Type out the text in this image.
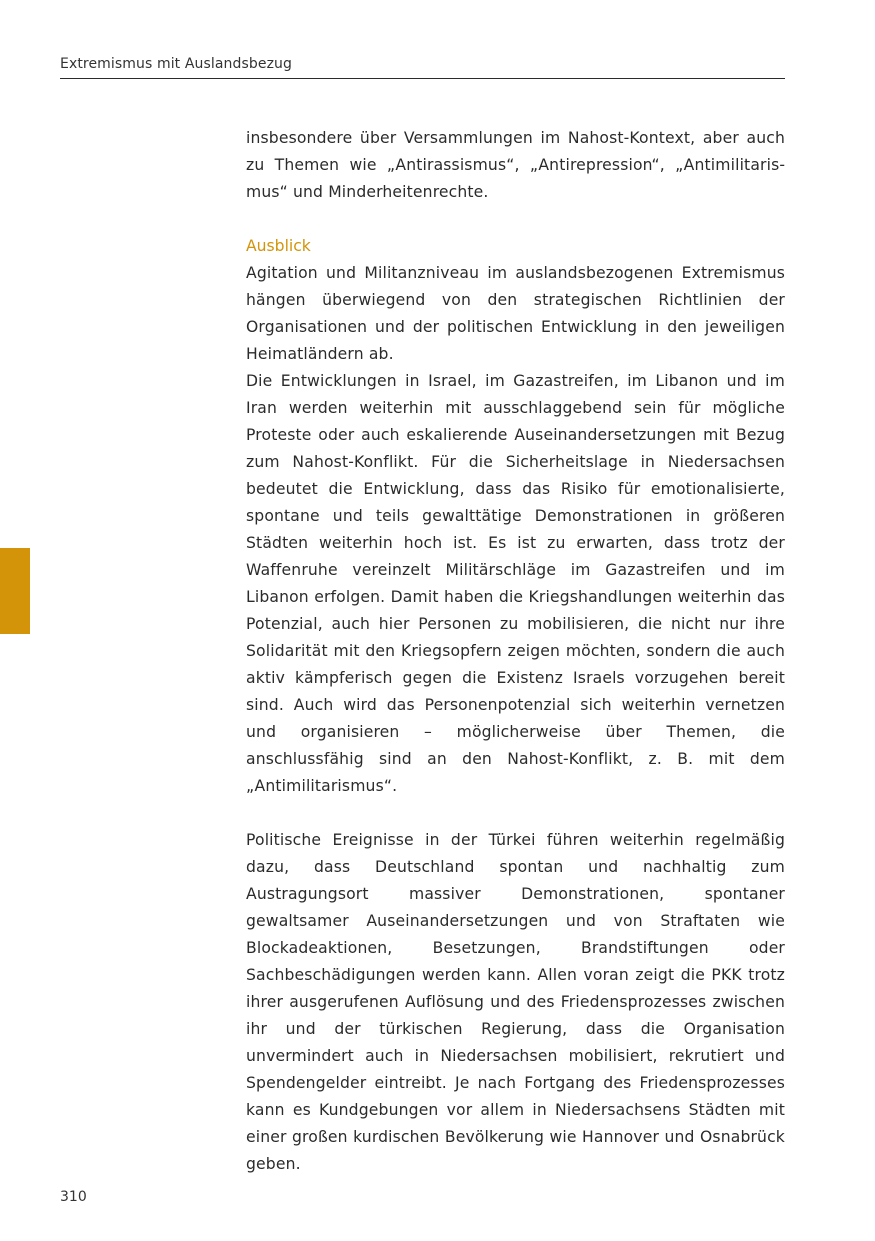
Extremismus mit Auslandsbezug

insbesondere über Versammlungen im Nahost-Kontext, aber auch zu Themen wie „Antirassismus“, „Antirepression“, „Antimilitarismus“ und Minderheitenrechte.

Ausblick

Agitation und Militanzniveau im auslandsbezogenen Extremismus hängen überwiegend von den strategischen Richtlinien der Organisationen und der politischen Entwicklung in den jeweiligen Heimatländern ab.

Die Entwicklungen in Israel, im Gazastreifen, im Libanon und im Iran werden weiterhin mit ausschlaggebend sein für mögliche Proteste oder auch eskalierende Auseinandersetzungen mit Bezug zum Nahost-Konflikt. Für die Sicherheitslage in Niedersachsen bedeutet die Entwicklung, dass das Risiko für emotionalisierte, spontane und teils gewalttätige Demonstrationen in größeren Städten weiterhin hoch ist. Es ist zu erwarten, dass trotz der Waffenruhe vereinzelt Militärschläge im Gazastreifen und im Libanon erfolgen. Damit haben die Kriegshandlungen weiterhin das Potenzial, auch hier Personen zu mobilisieren, die nicht nur ihre Solidarität mit den Kriegsopfern zeigen möchten, sondern die auch aktiv kämpferisch gegen die Existenz Israels vorzugehen bereit sind. Auch wird das Personenpotenzial sich weiterhin vernetzen und organisieren – möglicherweise über Themen, die anschlussfähig sind an den Nahost-Konflikt, z. B. mit dem „Antimilitarismus“.

Politische Ereignisse in der Türkei führen weiterhin regelmäßig dazu, dass Deutschland spontan und nachhaltig zum Austragungsort massiver Demonstrationen, spontaner gewaltsamer Auseinandersetzungen und von Straftaten wie Blockadeaktionen, Besetzungen, Brandstiftungen oder Sachbeschädigungen werden kann. Allen voran zeigt die PKK trotz ihrer ausgerufenen Auflösung und des Friedensprozesses zwischen ihr und der türkischen Regierung, dass die Organisation unvermindert auch in Niedersachsen mobilisiert, rekrutiert und Spendengelder eintreibt. Je nach Fortgang des Friedensprozesses kann es Kundgebungen vor allem in Niedersachsens Städten mit einer großen kurdischen Bevölkerung wie Hannover und Osnabrück geben.

310
